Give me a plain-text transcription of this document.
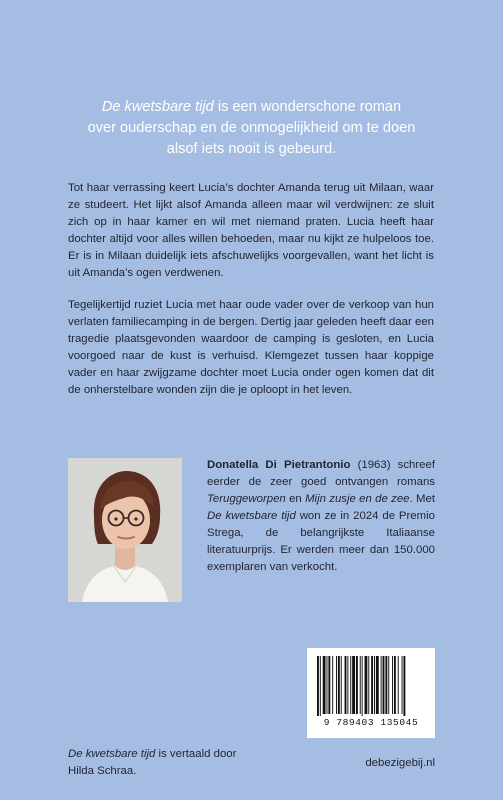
De kwetsbare tijd is een wonderschone roman
over ouderschap en de onmogelijkheid om te doen
alsof iets nooit is gebeurd.

Tot haar verrassing keert Lucia’s dochter Amanda terug uit Milaan, waar ze studeert. Het lijkt alsof Amanda alleen maar wil verdwijnen: ze sluit zich op in haar kamer en wil met niemand praten. Lucia heeft haar dochter altijd voor alles willen behoeden, maar nu kijkt ze hulpeloos toe. Er is in Milaan duidelijk iets afschuwelijks voorgevallen, want het licht is uit Amanda’s ogen verdwenen.

Tegelijkertijd ruziet Lucia met haar oude vader over de verkoop van hun verlaten familiecamping in de bergen. Dertig jaar geleden heeft daar een tragedie plaatsgevonden waardoor de camping is gesloten, en Lucia voorgoed naar de kust is verhuisd. Klemgezet tussen haar koppige vader en haar zwijgzame dochter moet Lucia onder ogen komen dat dit de onherstelbare wonden zijn die je oploopt in het leven.

Donatella Di Pietrantonio (1963) schreef eerder de zeer goed ontvangen romans Teruggeworpen en Mijn zusje en de zee. Met De kwetsbare tijd won ze in 2024 de Premio Strega, de belangrijkste Italiaanse literatuurprijs. Er werden meer dan 150.000 exemplaren van verkocht.

9 789403 135045
De kwetsbare tijd is vertaald door Hilda Schraa.
debezigebij.nl
